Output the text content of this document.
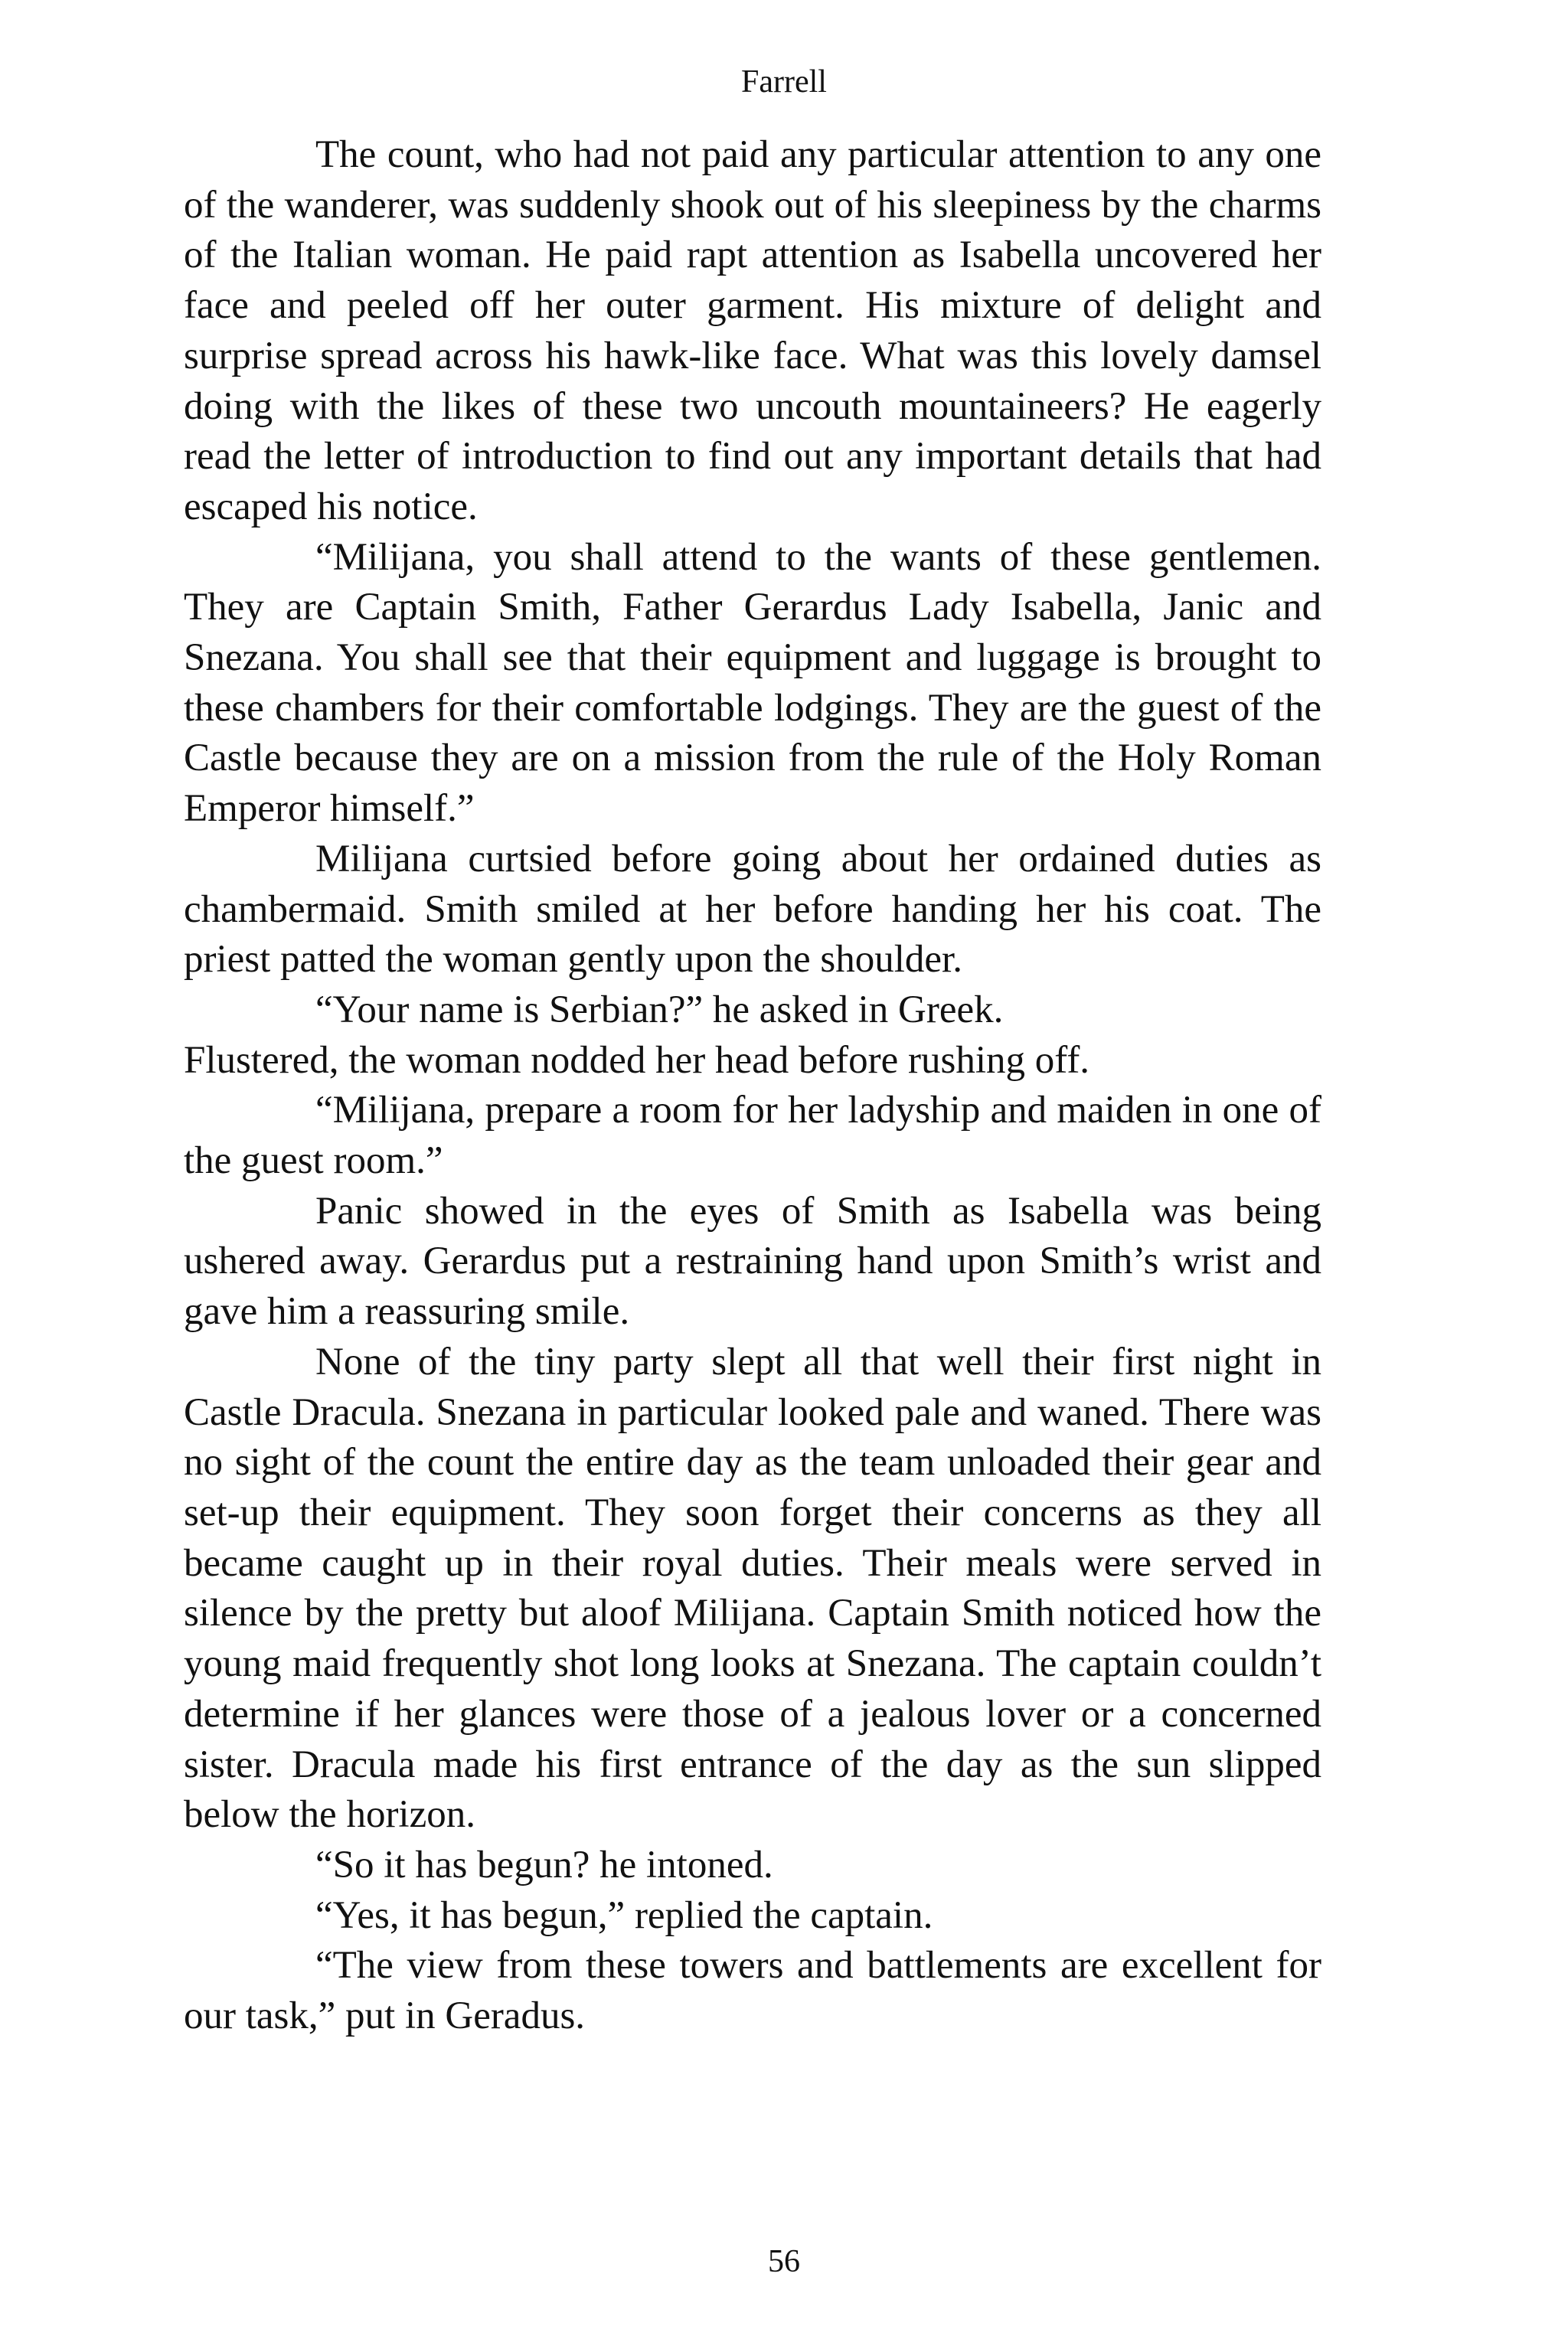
Farrell

The count, who had not paid any particular attention to any one of the wanderer, was suddenly shook out of his sleepiness by the charms of the Italian woman. He paid rapt attention as Isabella uncovered her face and peeled off her outer garment. His mixture of delight and surprise spread across his hawk-like face. What was this lovely damsel doing with the likes of these two uncouth mountaineers? He eagerly read the letter of introduction to find out any important details that had escaped his notice.

“Milijana, you shall attend to the wants of these gentlemen. They are Captain Smith, Father Gerardus Lady Isabella, Janic and Snezana. You shall see that their equipment and luggage is brought to these chambers for their comfortable lodgings. They are the guest of the Castle because they are on a mission from the rule of the Holy Roman Emperor himself.”

Milijana curtsied before going about her ordained duties as chambermaid. Smith smiled at her before handing her his coat. The priest patted the woman gently upon the shoulder.

“Your name is Serbian?” he asked in Greek.

Flustered, the woman nodded her head before rushing off.

“Milijana, prepare a room for her ladyship and maiden in one of the guest room.”

Panic showed in the eyes of Smith as Isabella was being ushered away. Gerardus put a restraining hand upon Smith’s wrist and gave him a reassuring smile.

None of the tiny party slept all that well their first night in Castle Dracula. Snezana in particular looked pale and waned. There was no sight of the count the entire day as the team unloaded their gear and set-up their equipment. They soon forget their concerns as they all became caught up in their royal duties. Their meals were served in silence by the pretty but aloof Milijana. Captain Smith noticed how the young maid frequently shot long looks at Snezana. The captain couldn’t determine if her glances were those of a jealous lover or a concerned sister. Dracula made his first entrance of the day as the sun slipped below the horizon.

“So it has begun? he intoned.

“Yes, it has begun,” replied the captain.

“The view from these towers and battlements are excellent for our task,” put in Geradus.

56
